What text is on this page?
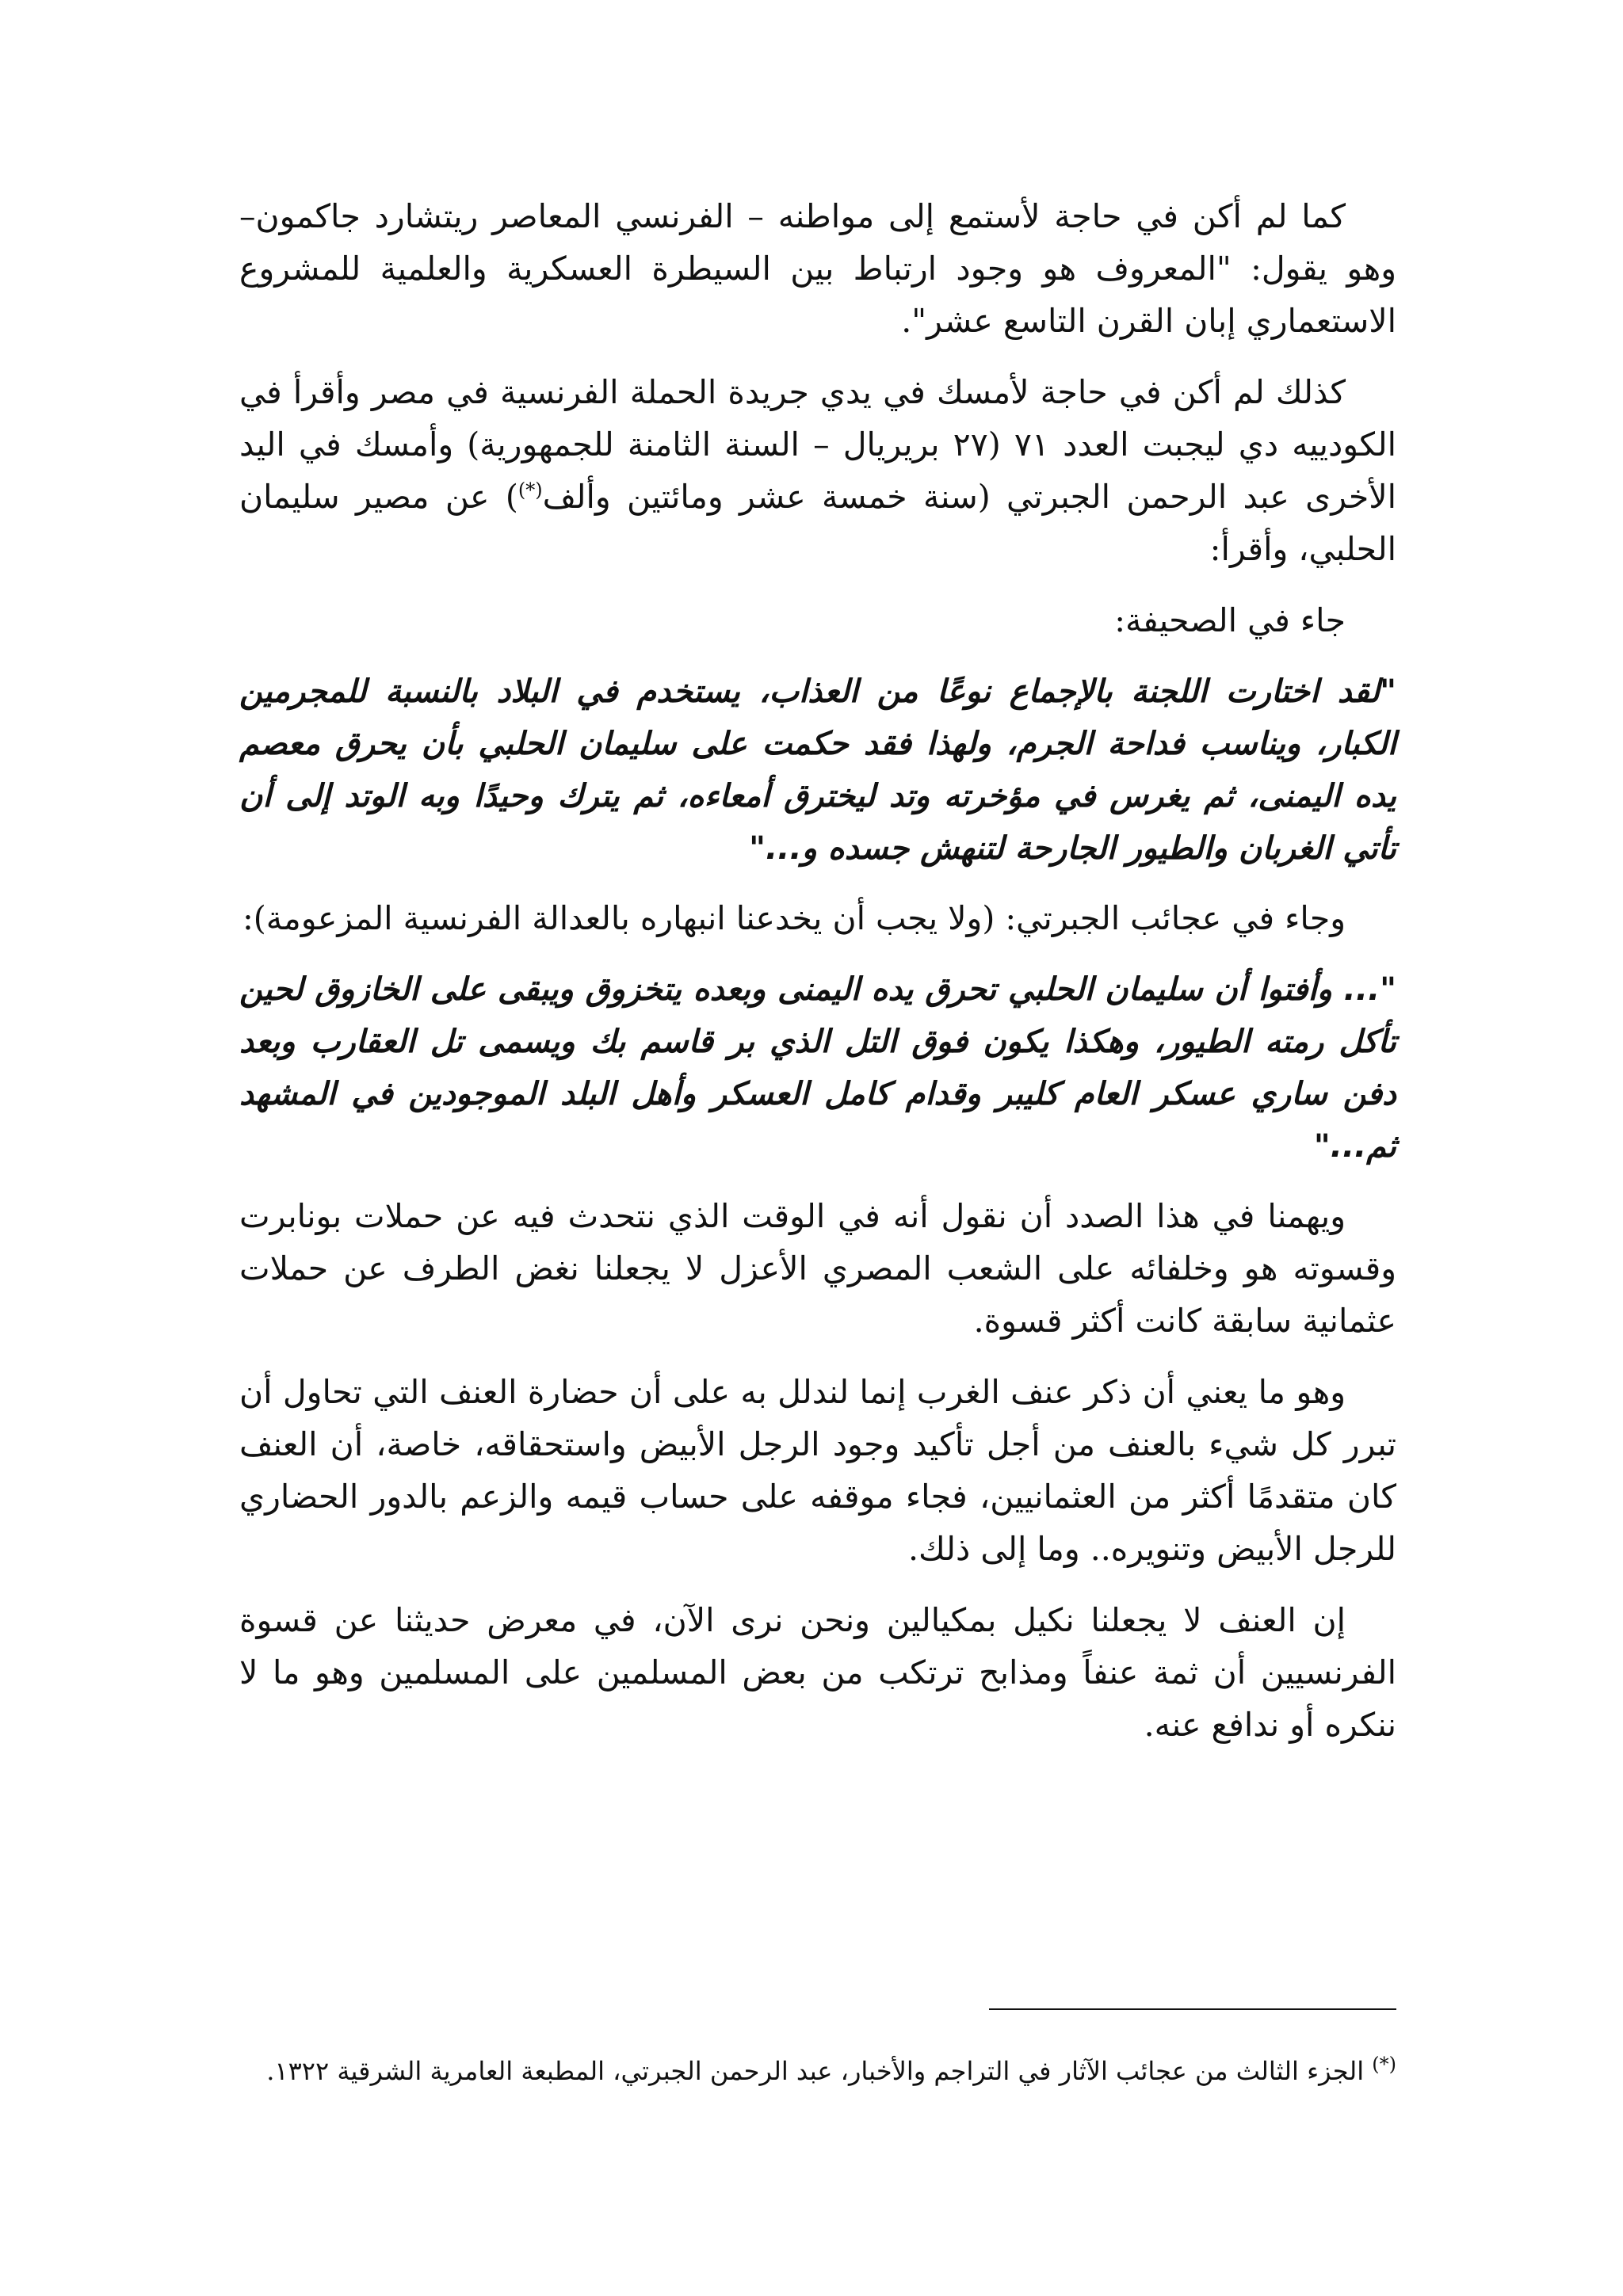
كما لم أكن في حاجة لأستمع إلى مواطنه – الفرنسي المعاصر ريتشارد جاكمون– وهو يقول: "المعروف هو وجود ارتباط بين السيطرة العسكرية والعلمية للمشروع الاستعماري إبان القرن التاسع عشر".

كذلك لم أكن في حاجة لأمسك في يدي جريدة الحملة الفرنسية في مصر وأقرأ في الكودييه دي ليجبت العدد ٧١ (٢٧ بريريال – السنة الثامنة للجمهورية) وأمسك في اليد الأخرى عبد الرحمن الجبرتي (سنة خمسة عشر ومائتين وألف(*)) عن مصير سليمان الحلبي، وأقرأ:

جاء في الصحيفة:

"لقد اختارت اللجنة بالإجماع نوعًا من العذاب، يستخدم في البلاد بالنسبة للمجرمين الكبار، ويناسب فداحة الجرم، ولهذا فقد حكمت على سليمان الحلبي بأن يحرق معصم يده اليمنى، ثم يغرس في مؤخرته وتد ليخترق أمعاءه، ثم يترك وحيدًا وبه الوتد إلى أن تأتي الغربان والطيور الجارحة لتنهش جسده و..."

وجاء في عجائب الجبرتي: (ولا يجب أن يخدعنا انبهاره بالعدالة الفرنسية المزعومة):

"... وأفتوا أن سليمان الحلبي تحرق يده اليمنى وبعده يتخزوق ويبقى على الخازوق لحين تأكل رمته الطيور، وهكذا يكون فوق التل الذي بر قاسم بك ويسمى تل العقارب وبعد دفن ساري عسكر العام كليبر وقدام كامل العسكر وأهل البلد الموجودين في المشهد ثم..."

ويهمنا في هذا الصدد أن نقول أنه في الوقت الذي نتحدث فيه عن حملات بونابرت وقسوته هو وخلفائه على الشعب المصري الأعزل لا يجعلنا نغض الطرف عن حملات عثمانية سابقة كانت أكثر قسوة.

وهو ما يعني أن ذكر عنف الغرب إنما لندلل به على أن حضارة العنف التي تحاول أن تبرر كل شيء بالعنف من أجل تأكيد وجود الرجل الأبيض واستحقاقه، خاصة، أن العنف كان متقدمًا أكثر من العثمانيين، فجاء موقفه على حساب قيمه والزعم بالدور الحضاري للرجل الأبيض وتنويره.. وما إلى ذلك.

إن العنف لا يجعلنا نكيل بمكيالين ونحن نرى الآن، في معرض حديثنا عن قسوة الفرنسيين أن ثمة عنفاً ومذابح ترتكب من بعض المسلمين على المسلمين وهو ما لا ننكره أو ندافع عنه.

(*) الجزء الثالث من عجائب الآثار في التراجم والأخبار، عبد الرحمن الجبرتي، المطبعة العامرية الشرقية ١٣٢٢.
